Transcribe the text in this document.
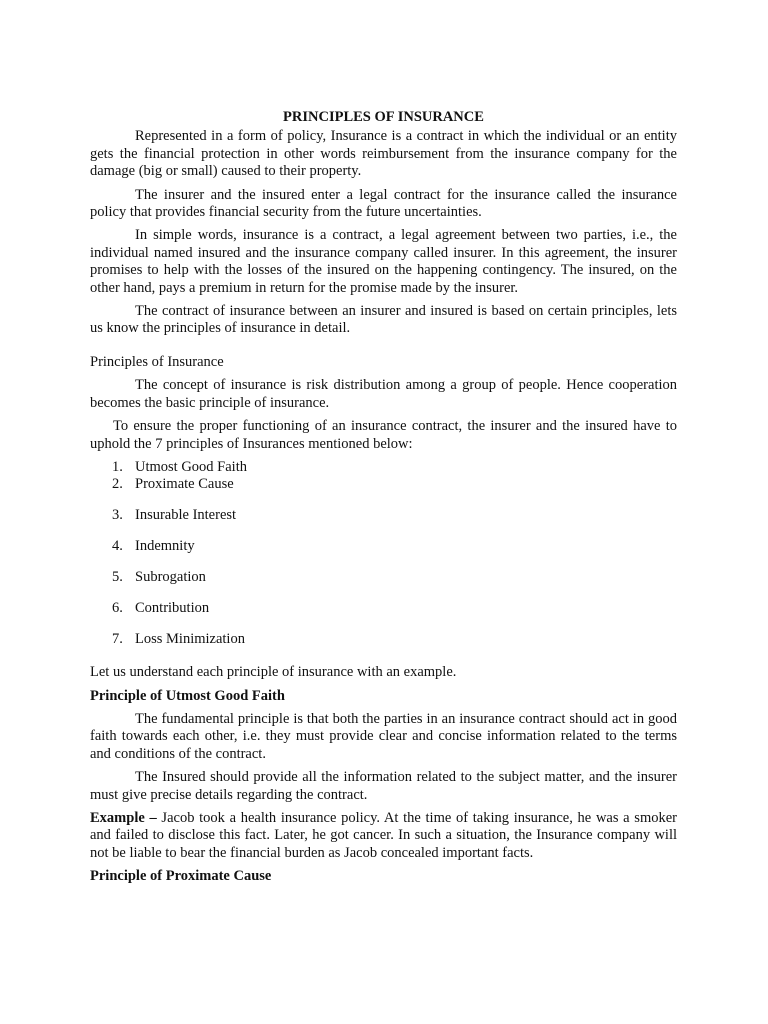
PRINCIPLES OF INSURANCE

Represented in a form of policy, Insurance is a contract in which the individual or an entity gets the financial protection in other words reimbursement from the insurance company for the damage (big or small) caused to their property.

The insurer and the insured enter a legal contract for the insurance called the insurance policy that provides financial security from the future uncertainties.

In simple words, insurance is a contract, a legal agreement between two parties, i.e., the individual named insured and the insurance company called insurer. In this agreement, the insurer promises to help with the losses of the insured on the happening contingency. The insured, on the other hand, pays a premium in return for the promise made by the insurer.

The contract of insurance between an insurer and insured is based on certain principles, lets us know the principles of insurance in detail.

Principles of Insurance

The concept of insurance is risk distribution among a group of people. Hence cooperation becomes the basic principle of insurance.

To ensure the proper functioning of an insurance contract, the insurer and the insured have to uphold the 7 principles of Insurances mentioned below:

1. Utmost Good Faith
2. Proximate Cause
3. Insurable Interest
4. Indemnity
5. Subrogation
6. Contribution
7. Loss Minimization

Let us understand each principle of insurance with an example.

Principle of Utmost Good Faith

The fundamental principle is that both the parties in an insurance contract should act in good faith towards each other, i.e. they must provide clear and concise information related to the terms and conditions of the contract.

The Insured should provide all the information related to the subject matter, and the insurer must give precise details regarding the contract.

Example – Jacob took a health insurance policy. At the time of taking insurance, he was a smoker and failed to disclose this fact. Later, he got cancer. In such a situation, the Insurance company will not be liable to bear the financial burden as Jacob concealed important facts.

Principle of Proximate Cause
